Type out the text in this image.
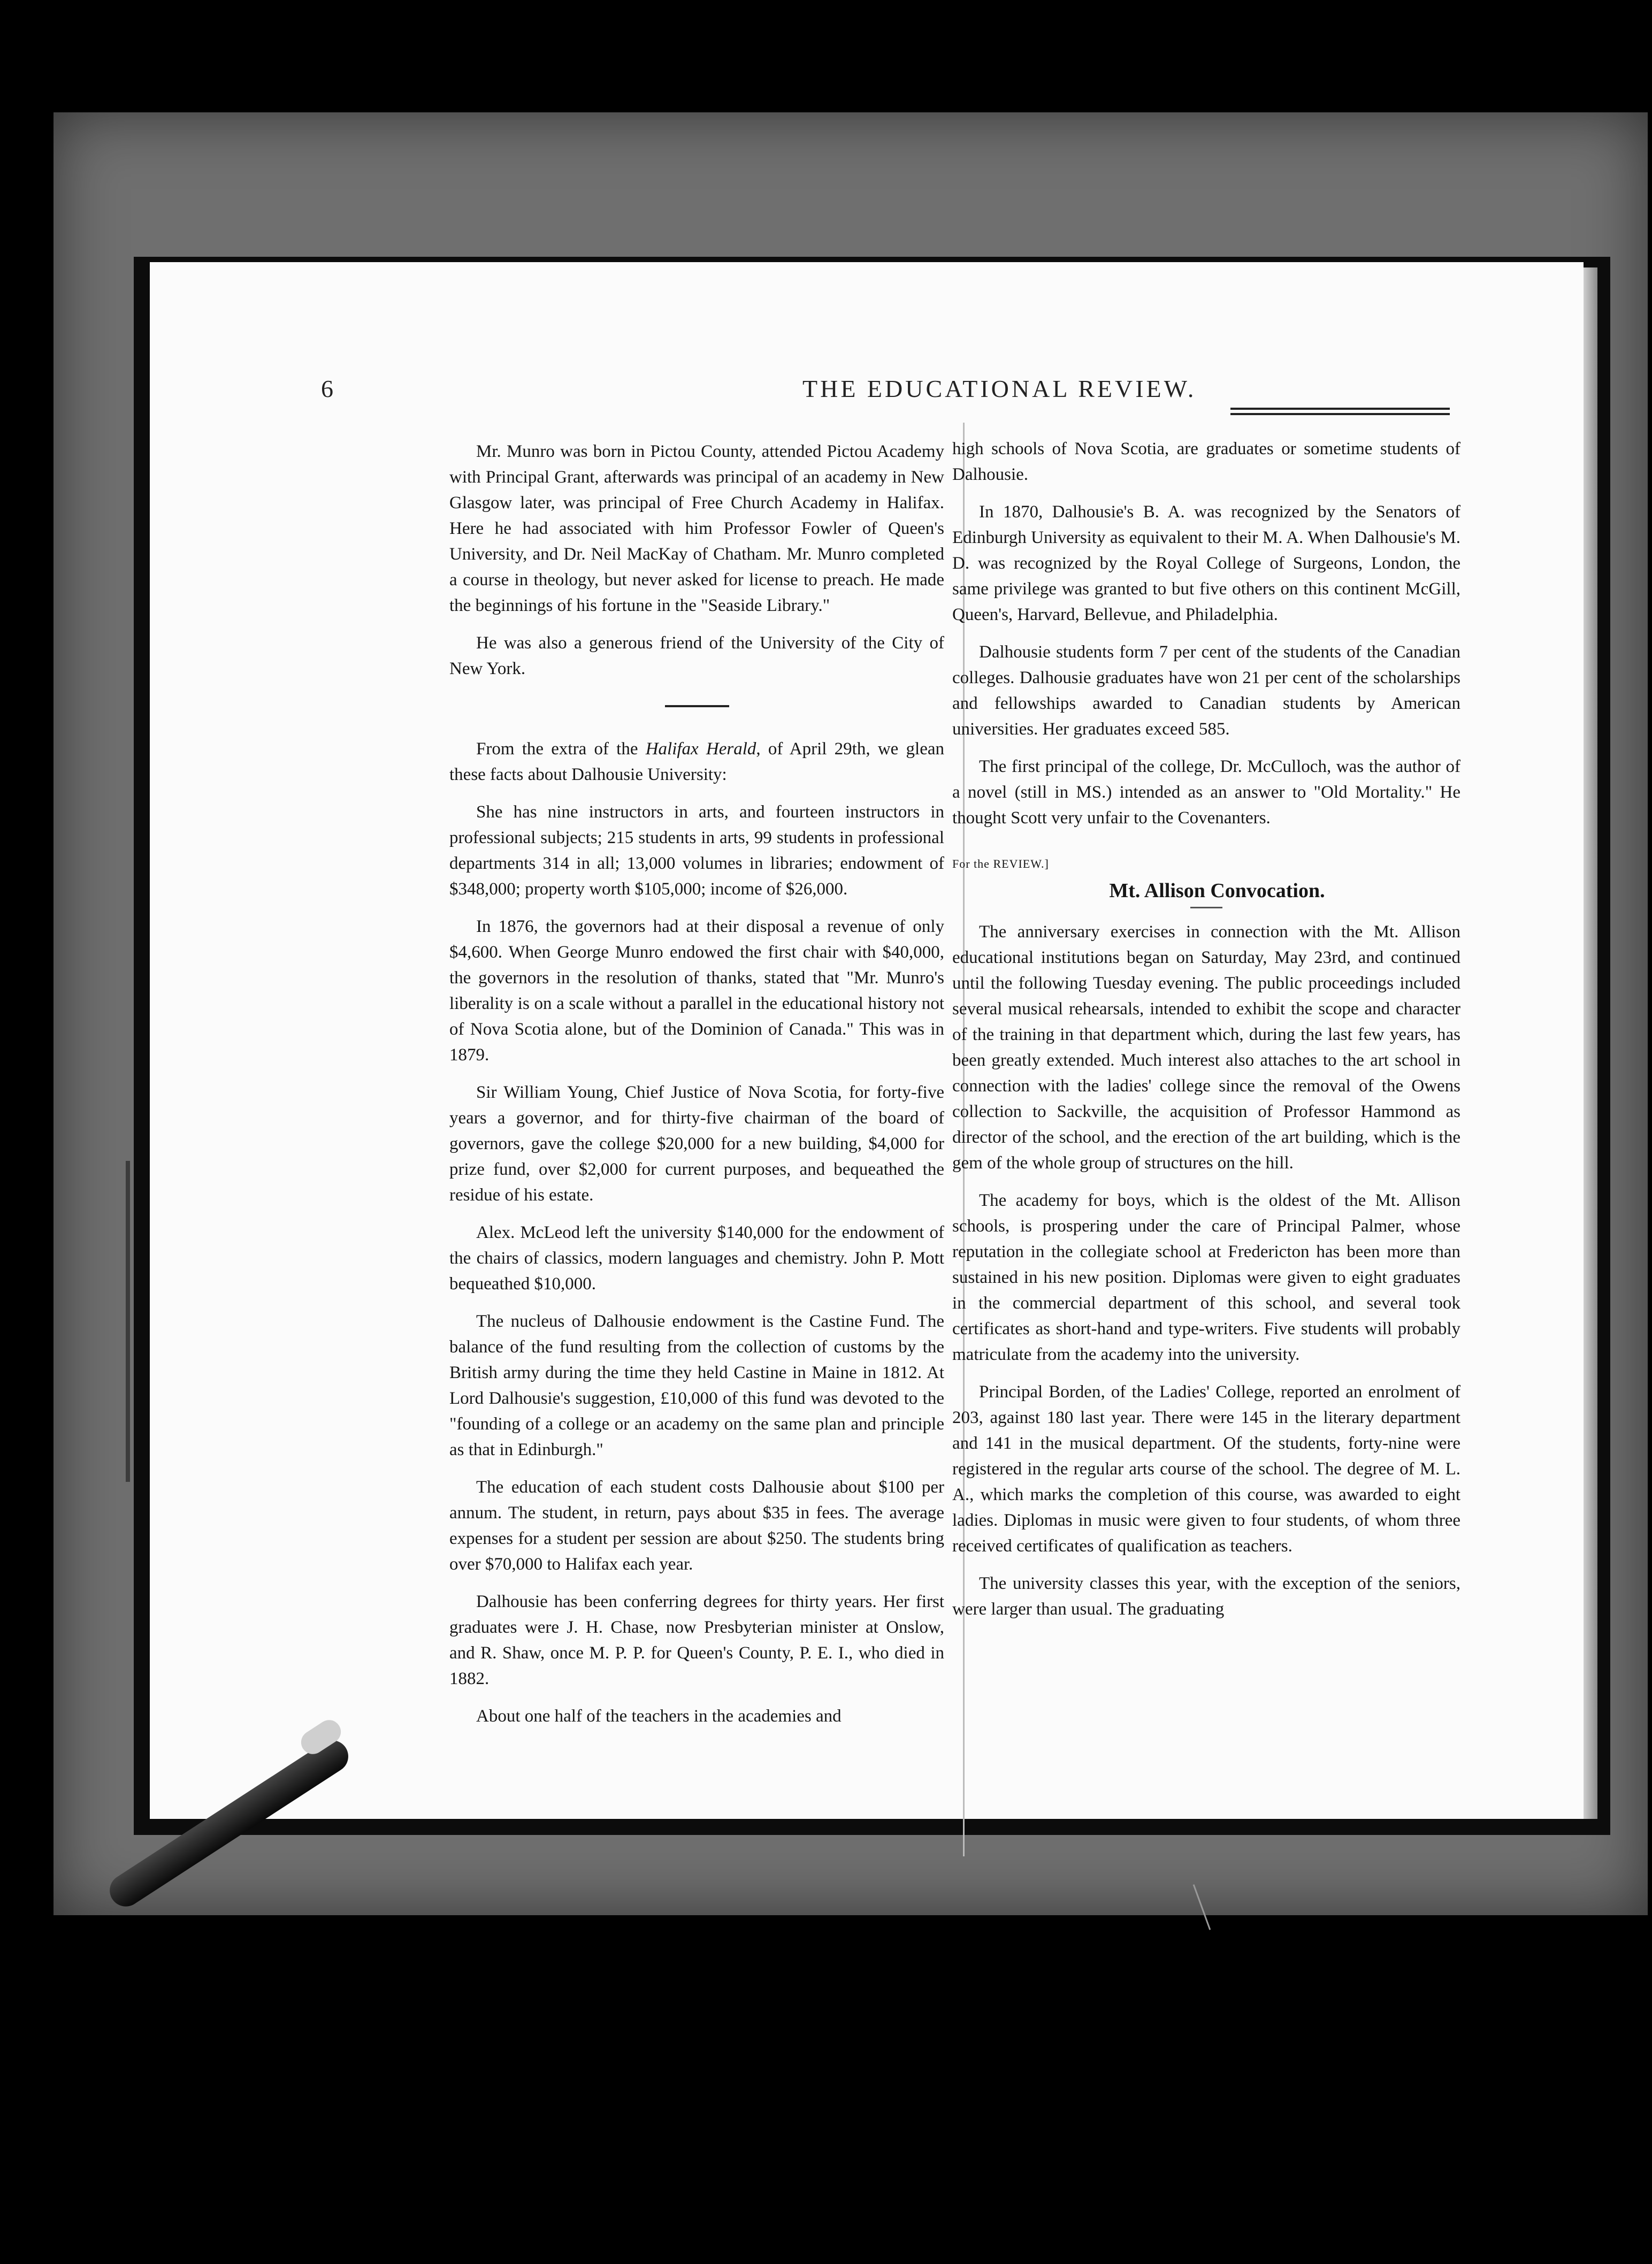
6	THE EDUCATIONAL REVIEW.

Mr. Munro was born in Pictou County, attended Pictou Academy with Principal Grant, afterwards was principal of an academy in New Glasgow later, was principal of Free Church Academy in Halifax. Here he had associated with him Professor Fowler of Queen's University, and Dr. Neil MacKay of Chatham. Mr. Munro completed a course in theology, but never asked for license to preach. He made the beginnings of his fortune in the "Seaside Library."

He was also a generous friend of the University of the City of New York.

From the extra of the Halifax Herald, of April 29th, we glean these facts about Dalhousie University:

She has nine instructors in arts, and fourteen instructors in professional subjects; 215 students in arts, 99 students in professional departments 314 in all; 13,000 volumes in libraries; endowment of $348,000; property worth $105,000; income of $26,000.

In 1876, the governors had at their disposal a revenue of only $4,600. When George Munro endowed the first chair with $40,000, the governors in the resolution of thanks, stated that "Mr. Munro's liberality is on a scale without a parallel in the educational history not of Nova Scotia alone, but of the Dominion of Canada." This was in 1879.

Sir William Young, Chief Justice of Nova Scotia, for forty-five years a governor, and for thirty-five chairman of the board of governors, gave the college $20,000 for a new building, $4,000 for prize fund, over $2,000 for current purposes, and bequeathed the residue of his estate.

Alex. McLeod left the university $140,000 for the endowment of the chairs of classics, modern languages and chemistry. John P. Mott bequeathed $10,000.

The nucleus of Dalhousie endowment is the Castine Fund. The balance of the fund resulting from the collection of customs by the British army during the time they held Castine in Maine in 1812. At Lord Dalhousie's suggestion, £10,000 of this fund was devoted to the "founding of a college or an academy on the same plan and principle as that in Edinburgh."

The education of each student costs Dalhousie about $100 per annum. The student, in return, pays about $35 in fees. The average expenses for a student per session are about $250. The students bring over $70,000 to Halifax each year.

Dalhousie has been conferring degrees for thirty years. Her first graduates were J. H. Chase, now Presbyterian minister at Onslow, and R. Shaw, once M. P. P. for Queen's County, P. E. I., who died in 1882.

About one half of the teachers in the academies and

high schools of Nova Scotia, are graduates or sometime students of Dalhousie.

In 1870, Dalhousie's B. A. was recognized by the Senators of Edinburgh University as equivalent to their M. A. When Dalhousie's M. D. was recognized by the Royal College of Surgeons, London, the same privilege was granted to but five others on this continent McGill, Queen's, Harvard, Bellevue, and Philadelphia.

Dalhousie students form 7 per cent of the students of the Canadian colleges. Dalhousie graduates have won 21 per cent of the scholarships and fellowships awarded to Canadian students by American universities. Her graduates exceed 585.

The first principal of the college, Dr. McCulloch, was the author of a novel (still in MS.) intended as an answer to "Old Mortality." He thought Scott very unfair to the Covenanters.

For the REVIEW.]
Mt. Allison Convocation.

The anniversary exercises in connection with the Mt. Allison educational institutions began on Saturday, May 23rd, and continued until the following Tuesday evening. The public proceedings included several musical rehearsals, intended to exhibit the scope and character of the training in that department which, during the last few years, has been greatly extended. Much interest also attaches to the art school in connection with the ladies' college since the removal of the Owens collection to Sackville, the acquisition of Professor Hammond as director of the school, and the erection of the art building, which is the gem of the whole group of structures on the hill.

The academy for boys, which is the oldest of the Mt. Allison schools, is prospering under the care of Principal Palmer, whose reputation in the collegiate school at Fredericton has been more than sustained in his new position. Diplomas were given to eight graduates in the commercial department of this school, and several took certificates as short-hand and type-writers. Five students will probably matriculate from the academy into the university.

Principal Borden, of the Ladies' College, reported an enrolment of 203, against 180 last year. There were 145 in the literary department and 141 in the musical department. Of the students, forty-nine were registered in the regular arts course of the school. The degree of M. L. A., which marks the completion of this course, was awarded to eight ladies. Diplomas in music were given to four students, of whom three received certificates of qualification as teachers.

The university classes this year, with the exception of the seniors, were larger than usual. The graduating
